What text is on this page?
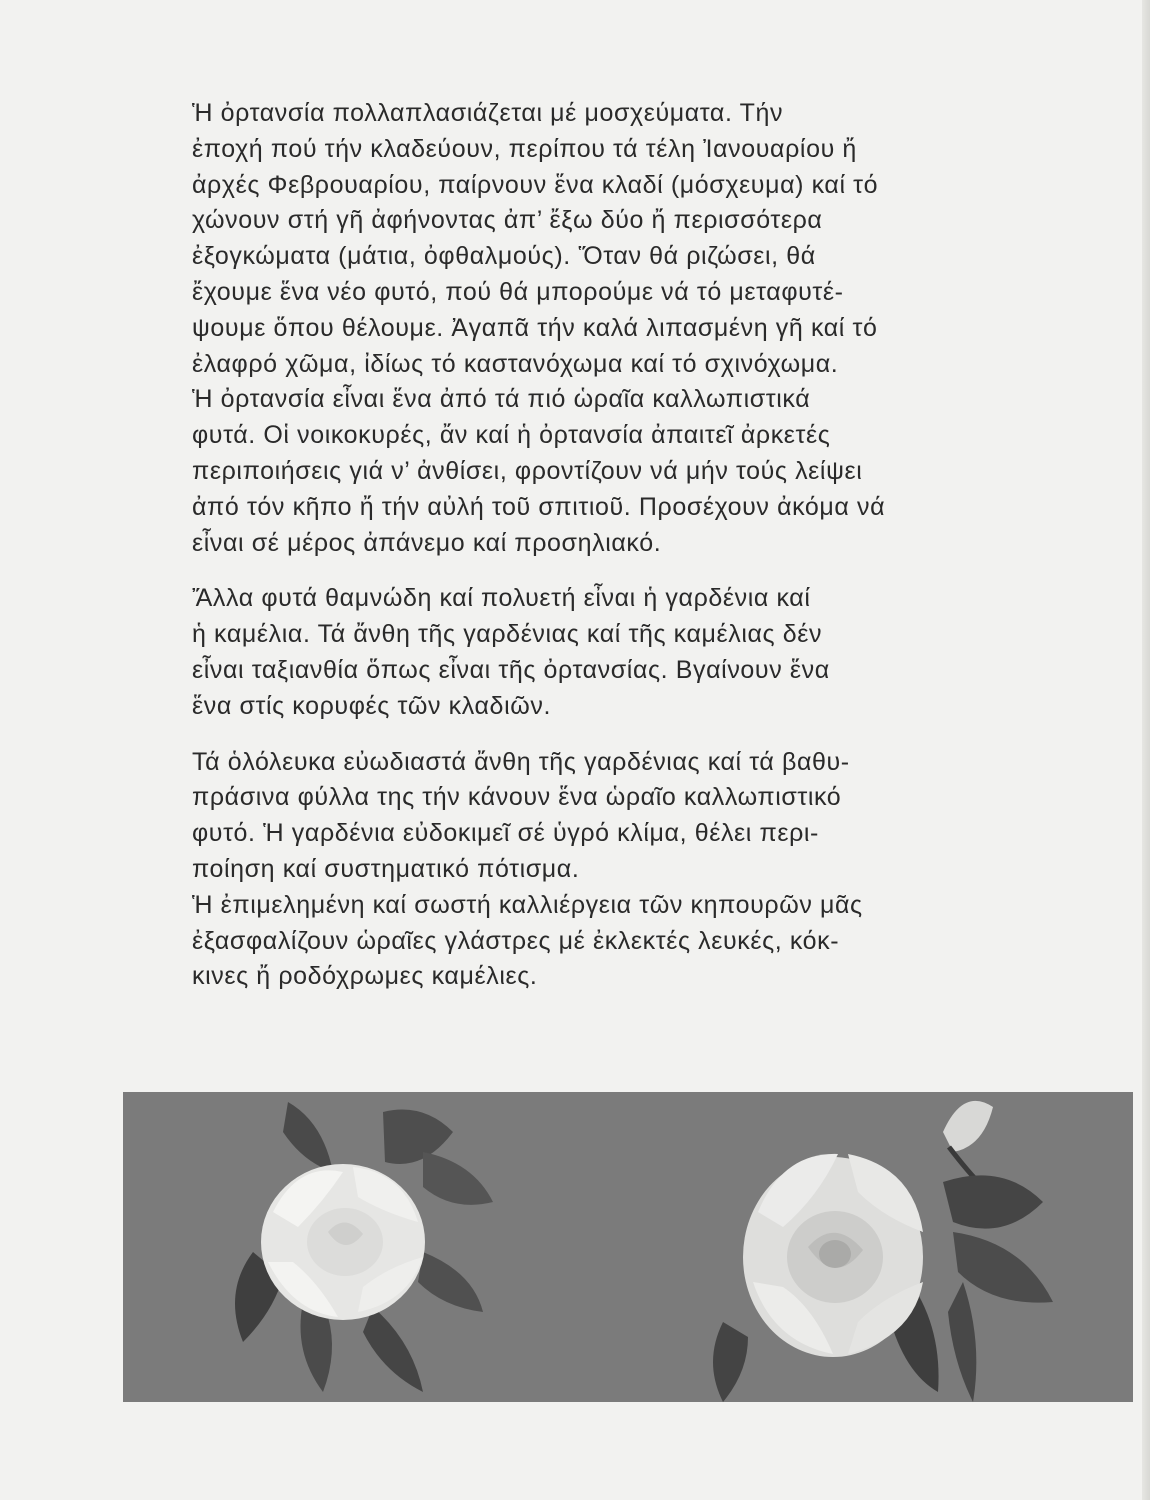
Ἡ ὀρτανσία πολλαπλασιάζεται μέ μοσχεύματα. Τήν
ἐποχή πού τήν κλαδεύουν, περίπου τά τέλη Ἰανουαρίου ἤ
ἀρχές Φεβρουαρίου, παίρνουν ἕνα κλαδί (μόσχευμα) καί τό
χώνουν στή γῆ ἀφήνοντας ἀπ’ ἔξω δύο ἤ περισσότερα
ἐξογκώματα (μάτια, ὀφθαλμούς). Ὅταν θά ριζώσει, θά
ἔχουμε ἕνα νέο φυτό, πού θά μπορούμε νά τό μεταφυτέ-
ψουμε ὅπου θέλουμε. Ἀγαπᾶ τήν καλά λιπασμένη γῆ καί τό
ἐλαφρό χῶμα, ἰδίως τό καστανόχωμα καί τό σχινόχωμα.

Ἡ ὀρτανσία εἶναι ἕνα ἀπό τά πιό ὡραῖα καλλωπιστικά
φυτά. Οἱ νοικοκυρές, ἄν καί ἡ ὀρτανσία ἀπαιτεῖ ἀρκετές
περιποιήσεις γιά ν’ ἀνθίσει, φροντίζουν νά μήν τούς λείψει
ἀπό τόν κῆπο ἤ τήν αὐλή τοῦ σπιτιοῦ. Προσέχουν ἀκόμα νά
εἶναι σέ μέρος ἀπάνεμο καί προσηλιακό.

Ἄλλα φυτά θαμνώδη καί πολυετή εἶναι ἡ γαρδένια καί
ἡ καμέλια. Τά ἄνθη τῆς γαρδένιας καί τῆς καμέλιας δέν
εἶναι ταξιανθία ὅπως εἶναι τῆς ὀρτανσίας. Βγαίνουν ἕνα
ἕνα στίς κορυφές τῶν κλαδιῶν.

Τά ὁλόλευκα εὐωδιαστά ἄνθη τῆς γαρδένιας καί τά βαθυ-
πράσινα φύλλα της τήν κάνουν ἕνα ὡραῖο καλλωπιστικό
φυτό. Ἡ γαρδένια εὐδοκιμεῖ σέ ὑγρό κλίμα, θέλει περι-
ποίηση καί συστηματικό πότισμα.

Ἡ ἐπιμελημένη καί σωστή καλλιέργεια τῶν κηπουρῶν μᾶς
ἐξασφαλίζουν ὡραῖες γλάστρες μέ ἐκλεκτές λευκές, κόκ-
κινες ἤ ροδόχρωμες καμέλιες.
